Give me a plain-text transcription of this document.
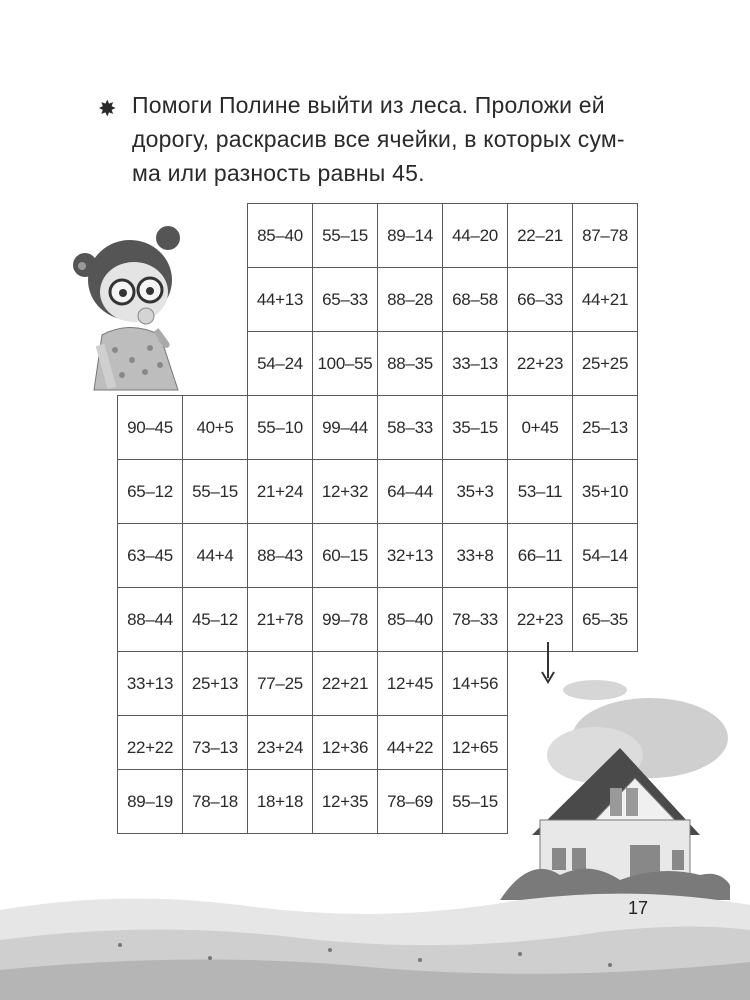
✸ Помоги Полине выйти из леса. Проложи ей
дорогу, раскрасив все ячейки, в которых сум-
ма или разность равны 45.
85–40	55–15	89–14	44–20	22–21	87–78
44+13	65–33	88–28	68–58	66–33	44+21
54–24 100–55 88–35	33–13	22+23	25+25
90–45	40+5	55–10	99–44	58–33	35–15	0+45	25–13
65–12	55–15	21+24	12+32	64–44	35+3	53–11	35+10
63–45	44+4	88–43	60–15	32+13	33+8	66–11	54–14
88–44	45–12	21+78	99–78	85–40	78–33	22+23	65–35
33+13	25+13	77–25	22+21	12+45	14+56
22+22	73–13	23+24	12+36	44+22	12+65
89–19	78–18	18+18	12+35	78–69	55–15
17
